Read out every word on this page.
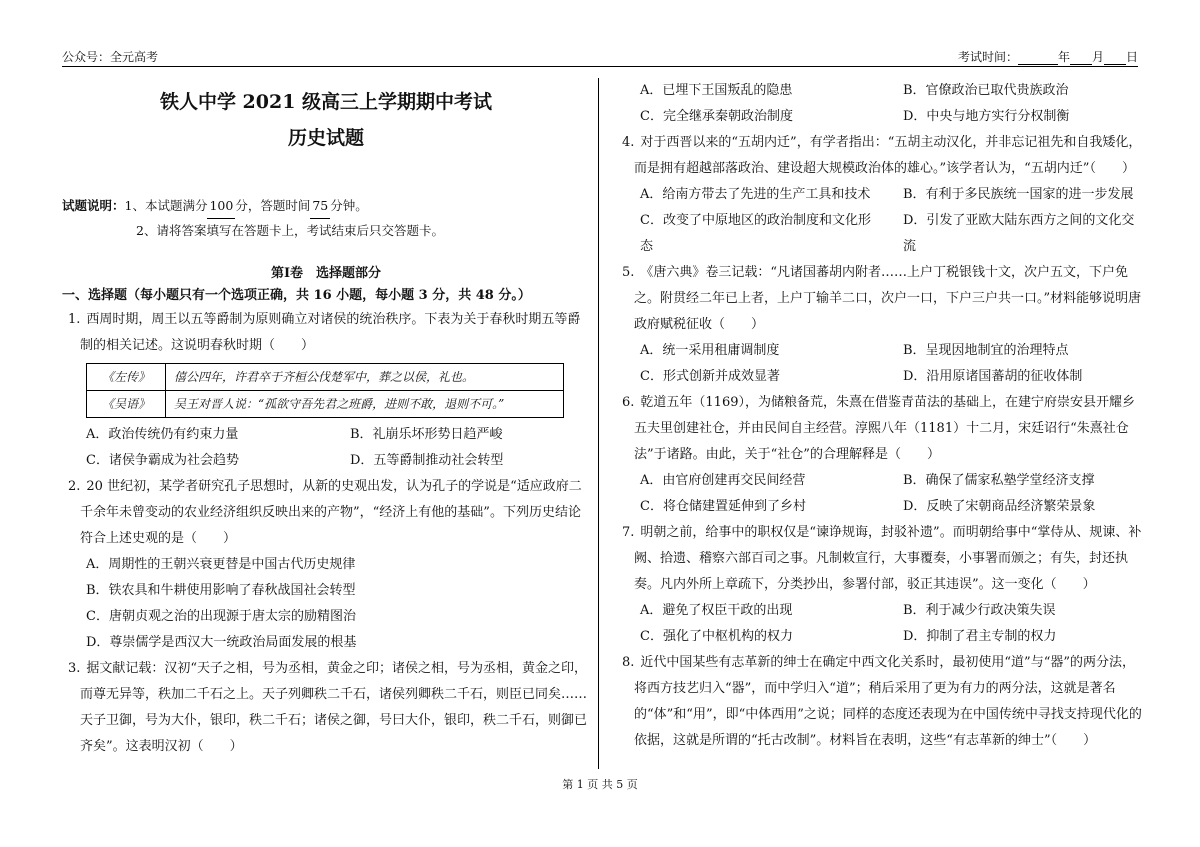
公众号：全元高考	考试时间：	年 月 日
铁人中学 2021 级高三上学期期中考试
历史试题
试题说明：1、本试题满分 100 分，答题时间 75 分钟。
2、请将答案填写在答题卡上，考试结束后只交答题卡。
第Ⅰ卷　选择题部分
一、选择题（每小题只有一个选项正确，共 16 小题，每小题 3 分，共 48 分。）
1. 西周时期，周王以五等爵制为原则确立对诸侯的统治秩序。下表为关于春秋时期五等爵制的相关记述。这说明春秋时期（　　）
《左传》	僖公四年，许君卒于齐桓公伐楚军中，葬之以侯，礼也。
《吴语》	吴王对晋人说：“孤欲守吾先君之班爵，进则不敢，退则不可。”
A．政治传统仍有约束力量	B．礼崩乐坏形势日趋严峻
C．诸侯争霸成为社会趋势	D．五等爵制推动社会转型
2. 20 世纪初，某学者研究孔子思想时，从新的史观出发，认为孔子的学说是“适应政府二千余年未曾变动的农业经济组织反映出来的产物”，“经济上有他的基础”。下列历史结论符合上述史观的是（　　）
A．周期性的王朝兴衰更替是中国古代历史规律
B．铁农具和牛耕使用影响了春秋战国社会转型
C．唐朝贞观之治的出现源于唐太宗的励精图治
D．尊崇儒学是西汉大一统政治局面发展的根基
3. 据文献记载：汉初“天子之相，号为丞相，黄金之印；诸侯之相，号为丞相，黄金之印，而尊无异等，秩加二千石之上。天子列卿秩二千石，诸侯列卿秩二千石，则臣已同矣……天子卫御，号为大仆，银印，秩二千石；诸侯之御，号曰大仆，银印，秩二千石，则御已齐矣”。这表明汉初（　　）
A．已埋下王国叛乱的隐患	B．官僚政治已取代贵族政治
C．完全继承秦朝政治制度	D．中央与地方实行分权制衡
4. 对于西晋以来的“五胡内迁”，有学者指出：“五胡主动汉化，并非忘记祖先和自我矮化，而是拥有超越部落政治、建设超大规模政治体的雄心。”该学者认为，“五胡内迁”（　　）
A．给南方带去了先进的生产工具和技术	B．有利于多民族统一国家的进一步发展
C．改变了中原地区的政治制度和文化形态
D．引发了亚欧大陆东西方之间的文化交流
5. 《唐六典》卷三记载：“凡诸国蕃胡内附者……上户丁税银钱十文，次户五文，下户免之。附贯经二年已上者，上户丁输羊二口，次户一口，下户三户共一口。”材料能够说明唐政府赋税征收（　　）
A．统一采用租庸调制度	B．呈现因地制宜的治理特点
C．形式创新并成效显著	D．沿用原诸国蕃胡的征收体制
6. 乾道五年（1169），为储粮备荒，朱熹在借鉴青苗法的基础上，在建宁府崇安县开耀乡五夫里创建社仓，并由民间自主经营。淳熙八年（1181）十二月，宋廷诏行“朱熹社仓法”于诸路。由此，关于“社仓”的合理解释是（　　）
A．由官府创建再交民间经营	B．确保了儒家私塾学堂经济支撑
C．将仓储建置延伸到了乡村	D．反映了宋朝商品经济繁荣景象
7. 明朝之前，给事中的职权仅是“谏诤规诲，封驳补遗”。而明朝给事中“掌侍从、规谏、补阙、拾遗、稽察六部百司之事。凡制敕宣行，大事覆奏，小事署而颁之；有失，封还执奏。凡内外所上章疏下，分类抄出，参署付部，驳正其违误”。这一变化（　　）
A．避免了权臣干政的出现	B．利于减少行政决策失误
C．强化了中枢机构的权力	D．抑制了君主专制的权力
8. 近代中国某些有志革新的绅士在确定中西文化关系时，最初使用“道”与“器”的两分法，将西方技艺归入“器”，而中学归入“道”；稍后采用了更为有力的两分法，这就是著名的“体”和“用”，即“中体西用”之说；同样的态度还表现为在中国传统中寻找支持现代化的依据，这就是所谓的“托古改制”。材料旨在表明，这些“有志革新的绅士”（　　）
第 1 页 共 5 页
